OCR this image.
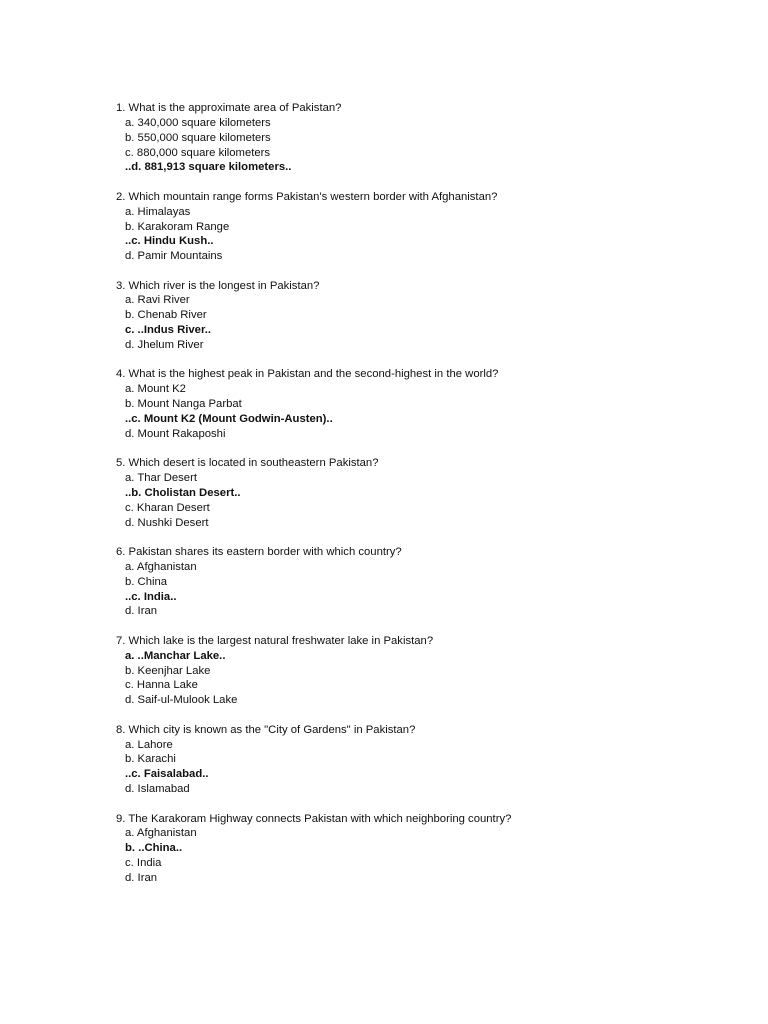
1. What is the approximate area of Pakistan?
a. 340,000 square kilometers
b. 550,000 square kilometers
c. 880,000 square kilometers
..d. 881,913 square kilometers..
2. Which mountain range forms Pakistan's western border with Afghanistan?
a. Himalayas
b. Karakoram Range
..c. Hindu Kush..
d. Pamir Mountains
3. Which river is the longest in Pakistan?
a. Ravi River
b. Chenab River
c. ..Indus River..
d. Jhelum River
4. What is the highest peak in Pakistan and the second-highest in the world?
a. Mount K2
b. Mount Nanga Parbat
..c. Mount K2 (Mount Godwin-Austen)..
d. Mount Rakaposhi
5. Which desert is located in southeastern Pakistan?
a. Thar Desert
..b. Cholistan Desert..
c. Kharan Desert
d. Nushki Desert
6. Pakistan shares its eastern border with which country?
a. Afghanistan
b. China
..c. India..
d. Iran
7. Which lake is the largest natural freshwater lake in Pakistan?
a. ..Manchar Lake..
b. Keenjhar Lake
c. Hanna Lake
d. Saif-ul-Mulook Lake
8. Which city is known as the "City of Gardens" in Pakistan?
a. Lahore
b. Karachi
..c. Faisalabad..
d. Islamabad
9. The Karakoram Highway connects Pakistan with which neighboring country?
a. Afghanistan
b. ..China..
c. India
d. Iran
